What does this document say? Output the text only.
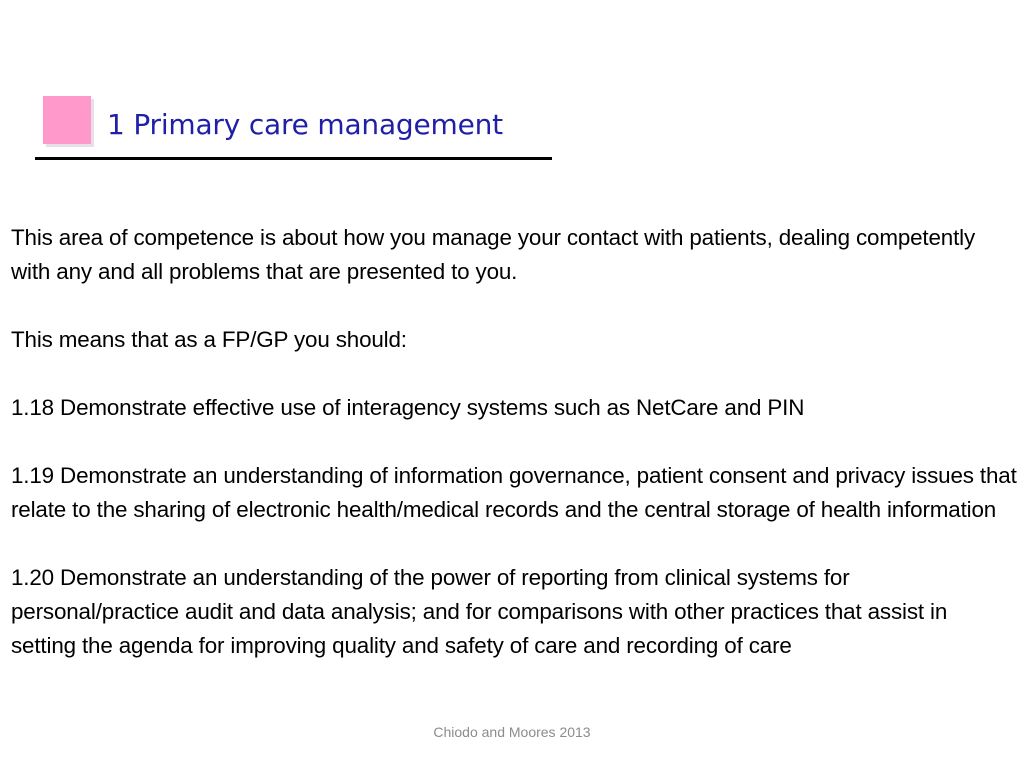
1 Primary care management

This area of competence is about how you manage your contact with patients, dealing competently with any and all problems that are presented to you.

This means that as a FP/GP you should:

1.18 Demonstrate effective use of interagency systems such as NetCare and PIN

1.19 Demonstrate an understanding of information governance, patient consent and privacy issues that relate to the sharing of electronic health/medical records and the central storage of health information

1.20 Demonstrate an understanding of the power of reporting from clinical systems for personal/practice audit and data analysis; and for comparisons with other practices that assist in setting the agenda for improving quality and safety of care and recording of care

Chiodo and Moores 2013
